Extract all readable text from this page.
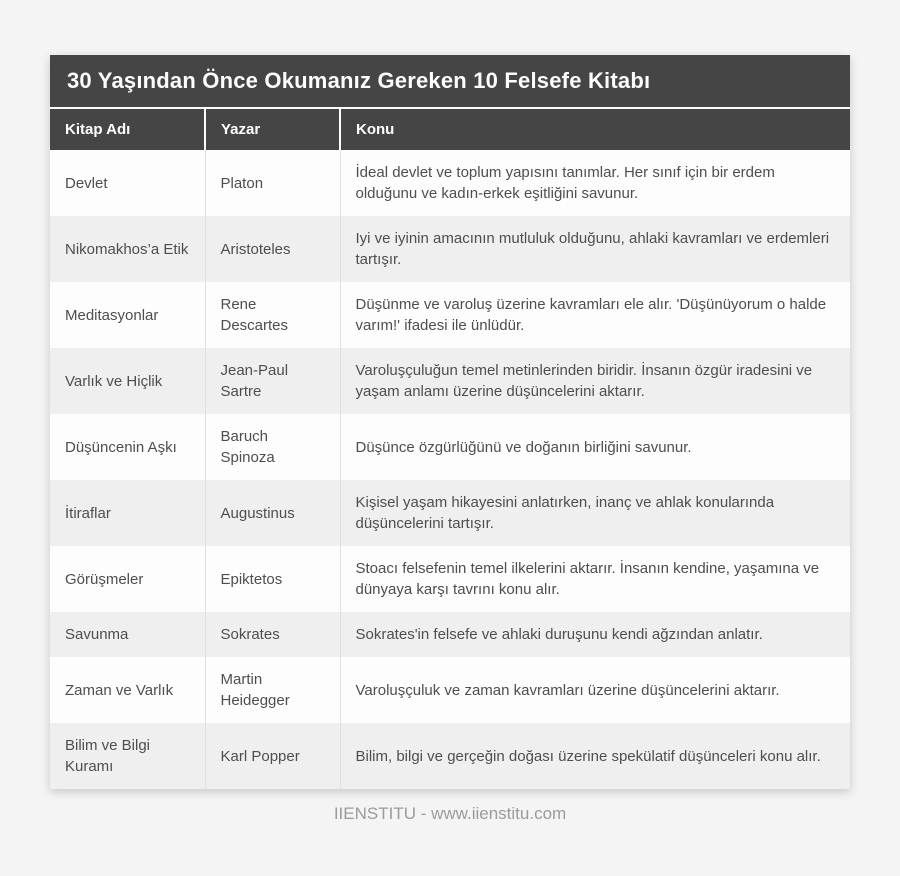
30 Yaşından Önce Okumanız Gereken 10 Felsefe Kitabı
Kitap Adı	Yazar	Konu
Devlet	Platon	İdeal devlet ve toplum yapısını tanımlar. Her sınıf için bir erdem olduğunu ve kadın-erkek eşitliğini savunur.
Nikomakhos’a Etik	Aristoteles	Iyi ve iyinin amacının mutluluk olduğunu, ahlaki kavramları ve erdemleri tartışır.
Meditasyonlar	Rene Descartes	Düşünme ve varoluş üzerine kavramları ele alır. 'Düşünüyorum o halde varım!' ifadesi ile ünlüdür.
Varlık ve Hiçlik	Jean-Paul Sartre	Varoluşçuluğun temel metinlerinden biridir. İnsanın özgür iradesini ve yaşam anlamı üzerine düşüncelerini aktarır.
Düşüncenin Aşkı	Baruch Spinoza	Düşünce özgürlüğünü ve doğanın birliğini savunur.
İtiraflar	Augustinus	Kişisel yaşam hikayesini anlatırken, inanç ve ahlak konularında düşüncelerini tartışır.
Görüşmeler	Epiktetos	Stoacı felsefenin temel ilkelerini aktarır. İnsanın kendine, yaşamına ve dünyaya karşı tavrını konu alır.
Savunma	Sokrates	Sokrates'in felsefe ve ahlaki duruşunu kendi ağzından anlatır.
Zaman ve Varlık	Martin Heidegger	Varoluşçuluk ve zaman kavramları üzerine düşüncelerini aktarır.
Bilim ve Bilgi Kuramı	Karl Popper	Bilim, bilgi ve gerçeğin doğası üzerine spekülatif düşünceleri konu alır.
IIENSTITU - www.iienstitu.com
